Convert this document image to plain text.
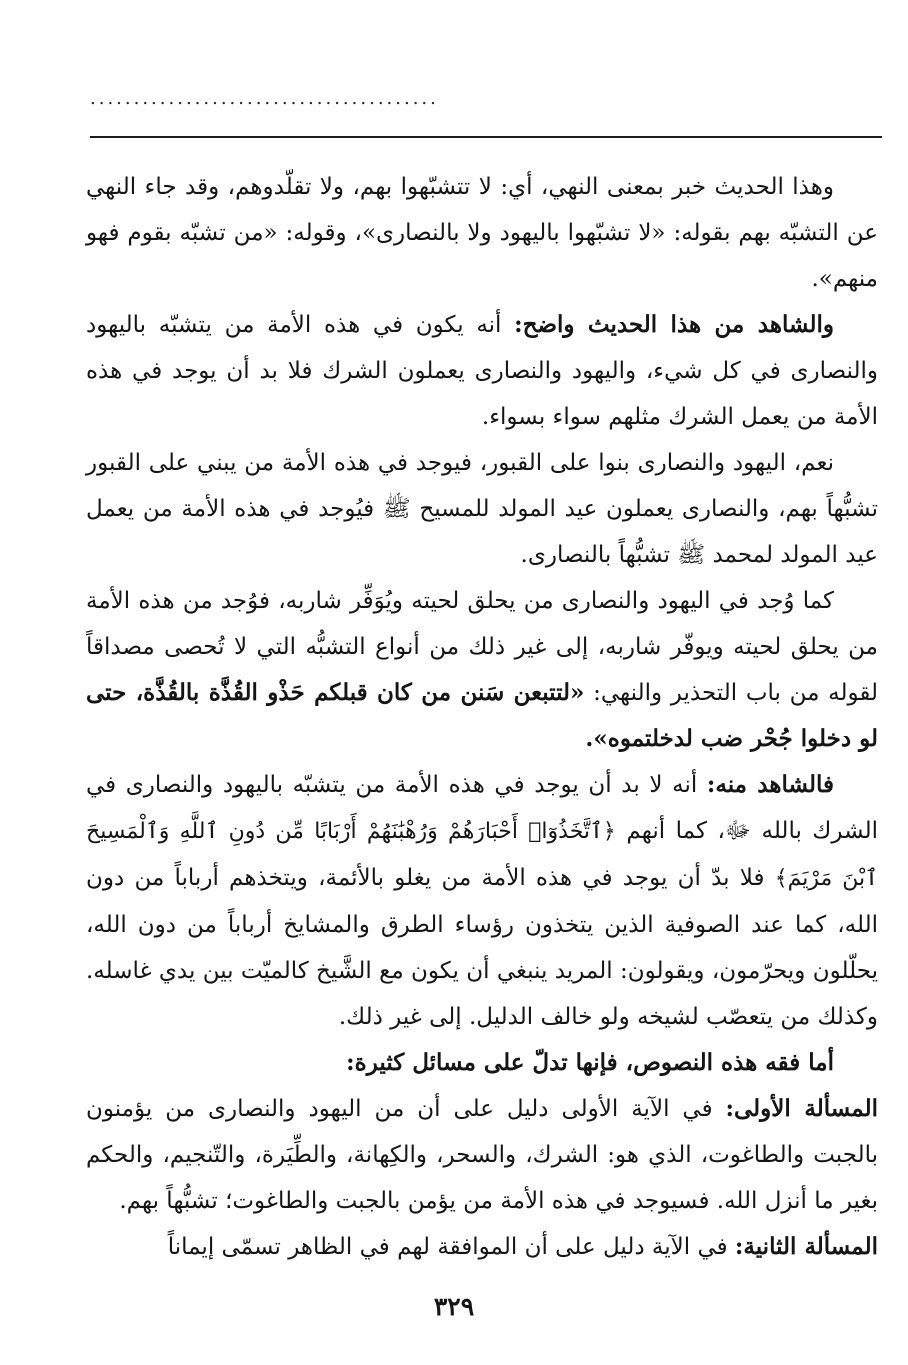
........................................

وهذا الحديث خبر بمعنى النهي، أي: لا تتشبّهوا بهم، ولا تقلّدوهم، وقد جاء النهي عن التشبّه بهم بقوله: «لا تشبّهوا باليهود ولا بالنصارى»، وقوله: «من تشبّه بقوم فهو منهم».

والشاهد من هذا الحديث واضح: أنه يكون في هذه الأمة من يتشبّه باليهود والنصارى في كل شيء، واليهود والنصارى يعملون الشرك فلا بد أن يوجد في هذه الأمة من يعمل الشرك مثلهم سواء بسواء.

نعم، اليهود والنصارى بنوا على القبور، فيوجد في هذه الأمة من يبني على القبور تشبُّهاً بهم، والنصارى يعملون عيد المولد للمسيح ﷺ فيُوجد في هذه الأمة من يعمل عيد المولد لمحمد ﷺ تشبُّهاً بالنصارى.

كما وُجد في اليهود والنصارى من يحلق لحيته ويُوَفِّر شاربه، فوُجد من هذه الأمة من يحلق لحيته ويوفّر شاربه، إلى غير ذلك من أنواع التشبُّه التي لا تُحصى مصداقاً لقوله من باب التحذير والنهي: «لتتبعن سَنن من كان قبلكم حَذْو القُذَّة بالقُذَّة، حتى لو دخلوا جُحْر ضب لدخلتموه».

فالشاهد منه: أنه لا بد أن يوجد في هذه الأمة من يتشبّه باليهود والنصارى في الشرك بالله ﷻ، كما أنهم ﴿ٱتَّخَذُوٓا۟ أَحْبَارَهُمْ وَرُهْبَٰنَهُمْ أَرْبَابًا مِّن دُونِ ٱللَّهِ وَٱلْمَسِيحَ ٱبْنَ مَرْيَمَ﴾ فلا بدّ أن يوجد في هذه الأمة من يغلو بالأئمة، ويتخذهم أرباباً من دون الله، كما عند الصوفية الذين يتخذون رؤساء الطرق والمشايخ أرباباً من دون الله، يحلّلون ويحرّمون، ويقولون: المريد ينبغي أن يكون مع الشَّيخ كالميّت بين يدي غاسله. وكذلك من يتعصّب لشيخه ولو خالف الدليل. إلى غير ذلك.

أما فقه هذه النصوص، فإنها تدلّ على مسائل كثيرة:

المسألة الأولى: في الآية الأولى دليل على أن من اليهود والنصارى من يؤمنون بالجبت والطاغوت، الذي هو: الشرك، والسحر، والكِهانة، والطِّيَرة، والتّنجيم، والحكم بغير ما أنزل الله. فسيوجد في هذه الأمة من يؤمن بالجبت والطاغوت؛ تشبُّهاً بهم.

المسألة الثانية: في الآية دليل على أن الموافقة لهم في الظاهر تسمّى إيماناً

٣٢٩
